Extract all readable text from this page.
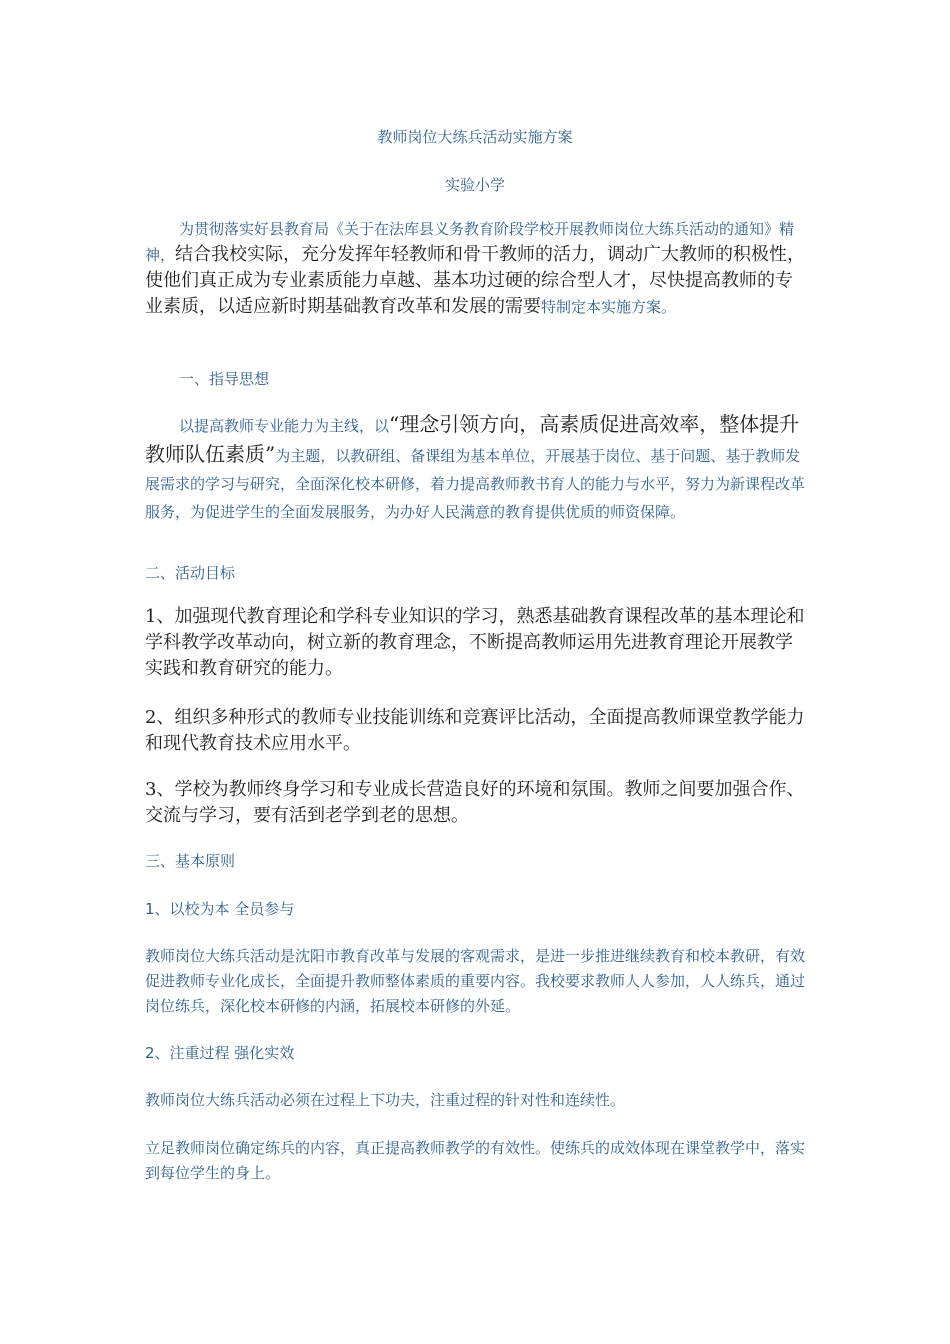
教师岗位大练兵活动实施方案
实验小学

为贯彻落实好县教育局《关于在法库县义务教育阶段学校开展教师岗位大练兵活动的通知》精神，结合我校实际，充分发挥年轻教师和骨干教师的活力，调动广大教师的积极性，使他们真正成为专业素质能力卓越、基本功过硬的综合型人才，尽快提高教师的专业素质，以适应新时期基础教育改革和发展的需要特制定本实施方案。

一、指导思想

以提高教师专业能力为主线，以“理念引领方向，高素质促进高效率，整体提升教师队伍素质”为主题，以教研组、备课组为基本单位，开展基于岗位、基于问题、基于教师发展需求的学习与研究，全面深化校本研修，着力提高教师教书育人的能力与水平，努力为新课程改革服务，为促进学生的全面发展服务，为办好人民满意的教育提供优质的师资保障。

二、活动目标

1、加强现代教育理论和学科专业知识的学习，熟悉基础教育课程改革的基本理论和学科教学改革动向，树立新的教育理念，不断提高教师运用先进教育理论开展教学实践和教育研究的能力。

2、组织多种形式的教师专业技能训练和竞赛评比活动，全面提高教师课堂教学能力和现代教育技术应用水平。

3、学校为教师终身学习和专业成长营造良好的环境和氛围。教师之间要加强合作、交流与学习，要有活到老学到老的思想。

三、基本原则

1、以校为本 全员参与

教师岗位大练兵活动是沈阳市教育改革与发展的客观需求，是进一步推进继续教育和校本教研，有效促进教师专业化成长，全面提升教师整体素质的重要内容。我校要求教师人人参加，人人练兵，通过岗位练兵，深化校本研修的内涵，拓展校本研修的外延。

2、注重过程 强化实效

教师岗位大练兵活动必须在过程上下功夫，注重过程的针对性和连续性。

立足教师岗位确定练兵的内容，真正提高教师教学的有效性。使练兵的成效体现在课堂教学中，落实到每位学生的身上。
